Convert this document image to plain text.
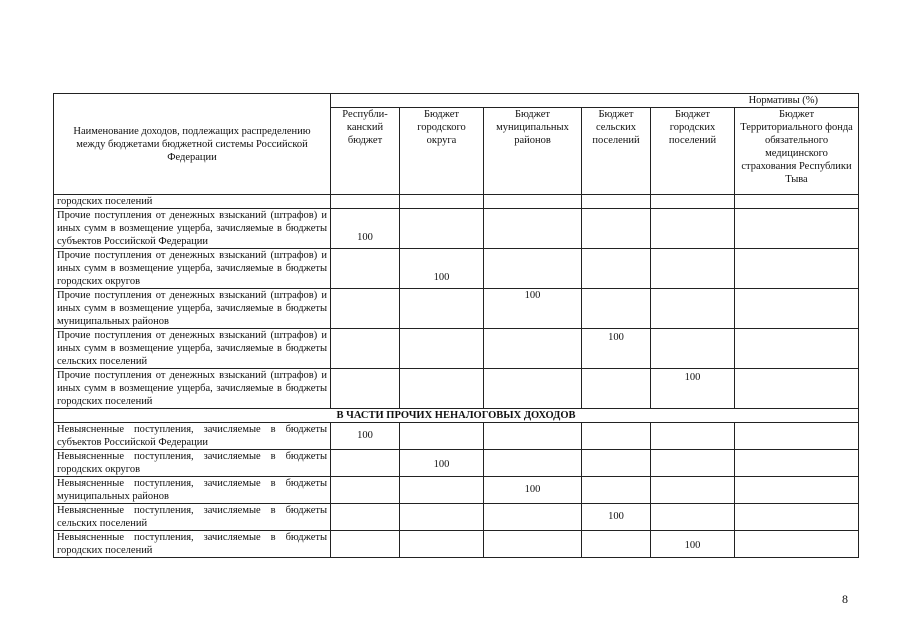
Наименование доходов, подлежащих распределению между бюджетами бюджетной системы Российской Федерации	Нормативы (%)					
	Республи-канский бюджет	Бюджет городского округа	Бюджет муниципальных районов	Бюджет сельских поселений	Бюджет городских поселений	Бюджет Территориального фонда обязательного медицинского страхования Республики Тыва
городских поселений						
Прочие поступления от денежных взысканий (штрафов) и иных сумм в возмещение ущерба, зачисляемые в бюджеты субъектов Российской Федерации	100					
Прочие поступления от денежных взысканий (штрафов) и иных сумм в возмещение ущерба, зачисляемые в бюджеты городских округов		100				
Прочие поступления от денежных взысканий (штрафов) и иных сумм в возмещение ущерба, зачисляемые в бюджеты муниципальных районов			100			
Прочие поступления от денежных взысканий (штрафов) и иных сумм в возмещение ущерба, зачисляемые в бюджеты сельских поселений				100		
Прочие поступления от денежных взысканий (штрафов) и иных сумм в возмещение ущерба, зачисляемые в бюджеты городских поселений					100	
В ЧАСТИ ПРОЧИХ НЕНАЛОГОВЫХ ДОХОДОВ						
Невыясненные поступления, зачисляемые в бюджеты субъектов Российской Федерации	100					
Невыясненные поступления, зачисляемые в бюджеты городских округов		100				
Невыясненные поступления, зачисляемые в бюджеты муниципальных районов			100			
Невыясненные поступления, зачисляемые в бюджеты сельских поселений				100		
Невыясненные поступления, зачисляемые в бюджеты городских поселений					100	
8
